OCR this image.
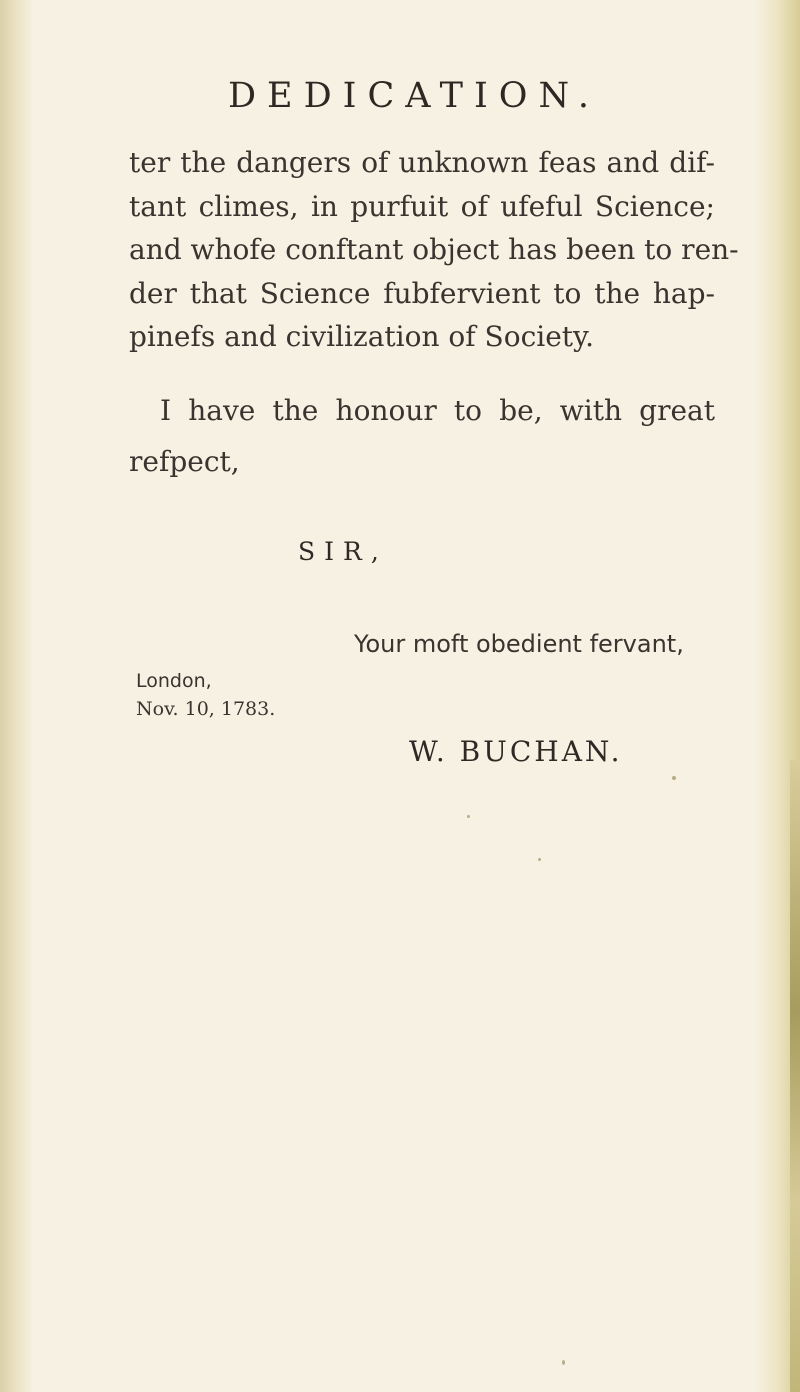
DEDICATION.
ter the dangers of unknown feas and dif-
tant climes, in purfuit of ufeful Science;
and whofe conftant object has been to ren-
der that Science fubfervient to the hap-
pinefs and civilization of Society.
I have the honour to be, with great
refpect,
SIR,
Your moft obedient fervant,
London,
Nov. 10, 1783.
W. BUCHAN.
